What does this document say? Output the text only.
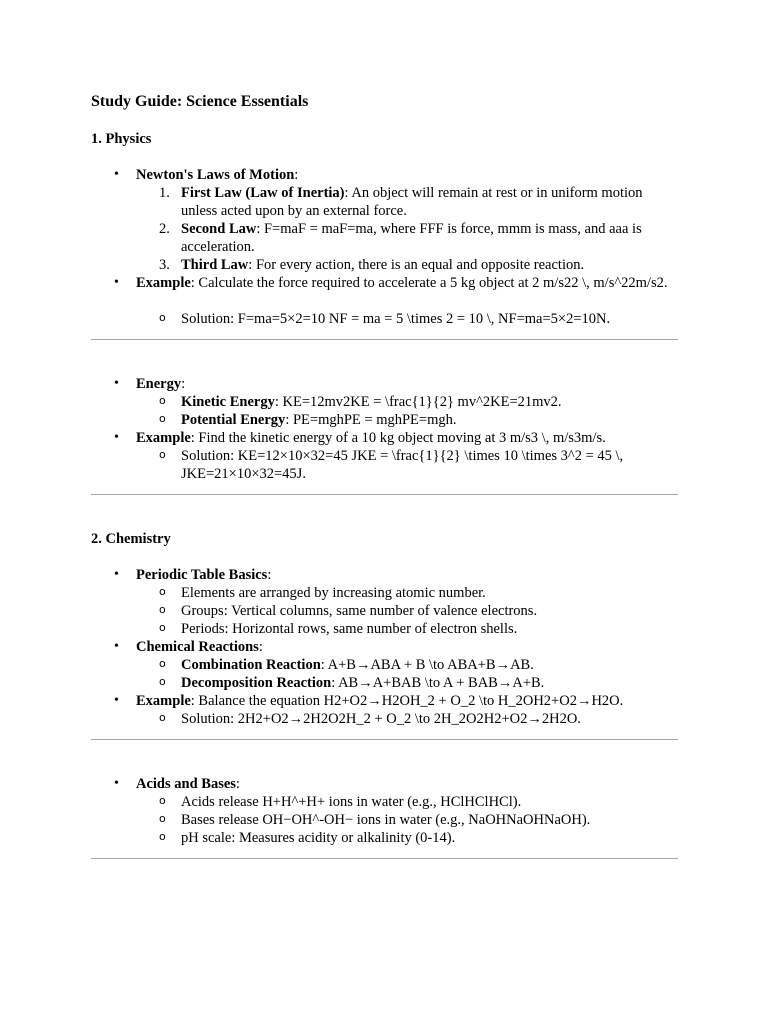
Study Guide: Science Essentials
1. Physics
• Newton's Laws of Motion:
1. First Law (Law of Inertia): An object will remain at rest or in uniform motion unless acted upon by an external force.
2. Second Law: F=maF = maF=ma, where FFF is force, mmm is mass, and aaa is acceleration.
3. Third Law: For every action, there is an equal and opposite reaction.
• Example: Calculate the force required to accelerate a 5 kg object at 2 m/s22 \, m/s^22m/s2.
o Solution: F=ma=5×2=10 NF = ma = 5 \times 2 = 10 \, NF=ma=5×2=10N.
• Energy:
o Kinetic Energy: KE=12mv2KE = \frac{1}{2} mv^2KE=21mv2.
o Potential Energy: PE=mghPE = mghPE=mgh.
• Example: Find the kinetic energy of a 10 kg object moving at 3 m/s3 \, m/s3m/s.
o Solution: KE=12×10×32=45 JKE = \frac{1}{2} \times 10 \times 3^2 = 45 \, JKE=21×10×32=45J.
2. Chemistry
• Periodic Table Basics:
o Elements are arranged by increasing atomic number.
o Groups: Vertical columns, same number of valence electrons.
o Periods: Horizontal rows, same number of electron shells.
• Chemical Reactions:
o Combination Reaction: A+B→ABA + B \to ABA+B→AB.
o Decomposition Reaction: AB→A+BAB \to A + BAB→A+B.
• Example: Balance the equation H2+O2→H2OH_2 + O_2 \to H_2OH2+O2→H2O.
o Solution: 2H2+O2→2H2O2H_2 + O_2 \to 2H_2O2H2+O2→2H2O.
• Acids and Bases:
o Acids release H+H^+H+ ions in water (e.g., HClHClHCl).
o Bases release OH−OH^-OH− ions in water (e.g., NaOHNaOHNaOH).
o pH scale: Measures acidity or alkalinity (0-14).
